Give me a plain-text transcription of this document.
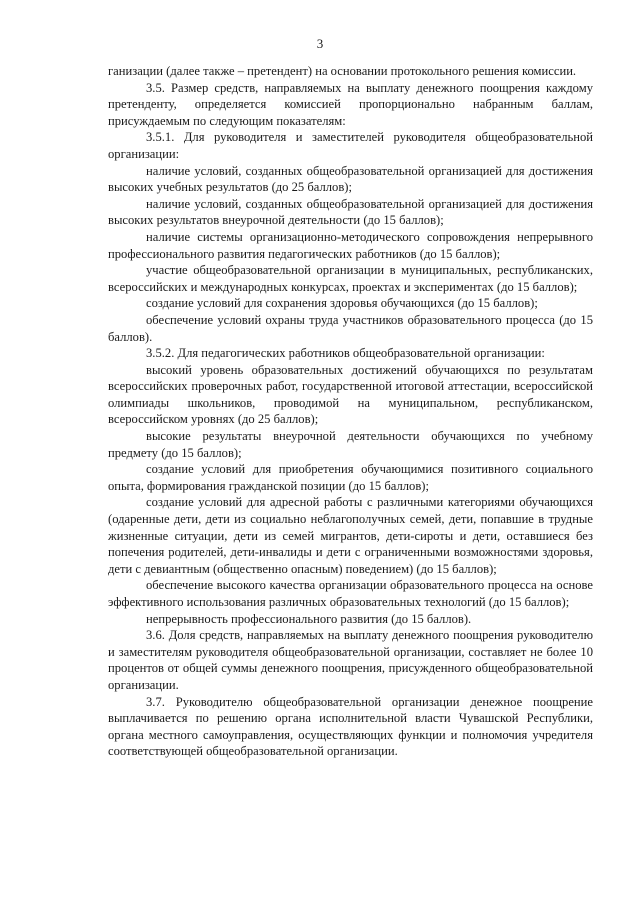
3

ганизации (далее также – претендент) на основании протокольного решения комиссии.

3.5. Размер средств, направляемых на выплату денежного поощрения каждому претенденту, определяется комиссией пропорционально набранным баллам, присуждаемым по следующим показателям:

3.5.1. Для руководителя и заместителей руководителя общеобразовательной организации:

наличие условий, созданных общеобразовательной организацией для достижения высоких учебных результатов (до 25 баллов);

наличие условий, созданных общеобразовательной организацией для достижения высоких результатов внеурочной деятельности (до 15 баллов);

наличие системы организационно-методического сопровождения непрерывного профессионального развития педагогических работников (до 15 баллов);

участие общеобразовательной организации в муниципальных, республиканских, всероссийских и международных конкурсах, проектах и экспериментах (до 15 баллов);

создание условий для сохранения здоровья обучающихся (до 15 баллов);

обеспечение условий охраны труда участников образовательного процесса (до 15 баллов).

3.5.2. Для педагогических работников общеобразовательной организации:

высокий уровень образовательных достижений обучающихся по результатам всероссийских проверочных работ, государственной итоговой аттестации, всероссийской олимпиады школьников, проводимой на муниципальном, республиканском, всероссийском уровнях (до 25 баллов);

высокие результаты внеурочной деятельности обучающихся по учебному предмету (до 15 баллов);

создание условий для приобретения обучающимися позитивного социального опыта, формирования гражданской позиции (до 15 баллов);

создание условий для адресной работы с различными категориями обучающихся (одаренные дети, дети из социально неблагополучных семей, дети, попавшие в трудные жизненные ситуации, дети из семей мигрантов, дети-сироты и дети, оставшиеся без попечения родителей, дети-инвалиды и дети с ограниченными возможностями здоровья, дети с девиантным (общественно опасным) поведением) (до 15 баллов);

обеспечение высокого качества организации образовательного процесса на основе эффективного использования различных образовательных технологий (до 15 баллов);

непрерывность профессионального развития (до 15 баллов).

3.6. Доля средств, направляемых на выплату денежного поощрения руководителю и заместителям руководителя общеобразовательной организации, составляет не более 10 процентов от общей суммы денежного поощрения, присужденного общеобразовательной организации.

3.7. Руководителю общеобразовательной организации денежное поощрение выплачивается по решению органа исполнительной власти Чувашской Республики, органа местного самоуправления, осуществляющих функции и полномочия учредителя соответствующей общеобразовательной организации.
